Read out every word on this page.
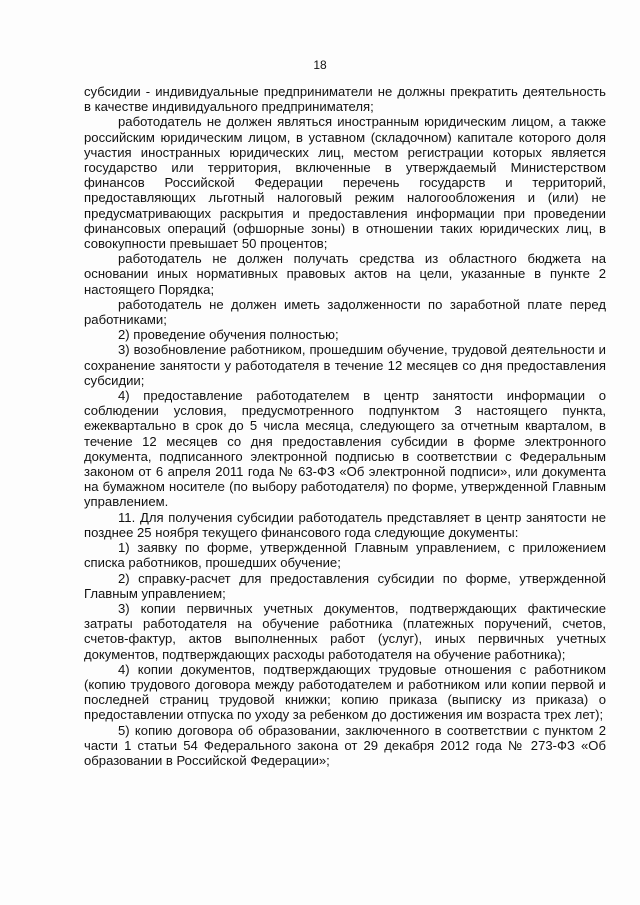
18

субсидии - индивидуальные предприниматели не должны прекратить деятельность в качестве индивидуального предпринимателя;

работодатель не должен являться иностранным юридическим лицом, а также российским юридическим лицом, в уставном (складочном) капитале которого доля участия иностранных юридических лиц, местом регистрации которых является государство или территория, включенные в утверждаемый Министерством финансов Российской Федерации перечень государств и территорий, предоставляющих льготный налоговый режим налогообложения и (или) не предусматривающих раскрытия и предоставления информации при проведении финансовых операций (офшорные зоны) в отношении таких юридических лиц, в совокупности превышает 50 процентов;

работодатель не должен получать средства из областного бюджета на основании иных нормативных правовых актов на цели, указанные в пункте 2 настоящего Порядка;

работодатель не должен иметь задолженности по заработной плате перед работниками;

2) проведение обучения полностью;

3) возобновление работником, прошедшим обучение, трудовой деятельности и сохранение занятости у работодателя в течение 12 месяцев со дня предоставления субсидии;

4) предоставление работодателем в центр занятости информации о соблюдении условия, предусмотренного подпунктом 3 настоящего пункта, ежеквартально в срок до 5 числа месяца, следующего за отчетным кварталом, в течение 12 месяцев со дня предоставления субсидии в форме электронного документа, подписанного электронной подписью в соответствии с Федеральным законом от 6 апреля 2011 года № 63-ФЗ «Об электронной подписи», или документа на бумажном носителе (по выбору работодателя) по форме, утвержденной Главным управлением.

11. Для получения субсидии работодатель представляет в центр занятости не позднее 25 ноября текущего финансового года следующие документы:

1) заявку по форме, утвержденной Главным управлением, с приложением списка работников, прошедших обучение;

2) справку-расчет для предоставления субсидии по форме, утвержденной Главным управлением;

3) копии первичных учетных документов, подтверждающих фактические затраты работодателя на обучение работника (платежных поручений, счетов, счетов-фактур, актов выполненных работ (услуг), иных первичных учетных документов, подтверждающих расходы работодателя на обучение работника);

4) копии документов, подтверждающих трудовые отношения с работником (копию трудового договора между работодателем и работником или копии первой и последней страниц трудовой книжки; копию приказа (выписку из приказа) о предоставлении отпуска по уходу за ребенком до достижения им возраста трех лет);

5) копию договора об образовании, заключенного в соответствии с пунктом 2 части 1 статьи 54 Федерального закона от 29 декабря 2012 года № 273-ФЗ «Об образовании в Российской Федерации»;
